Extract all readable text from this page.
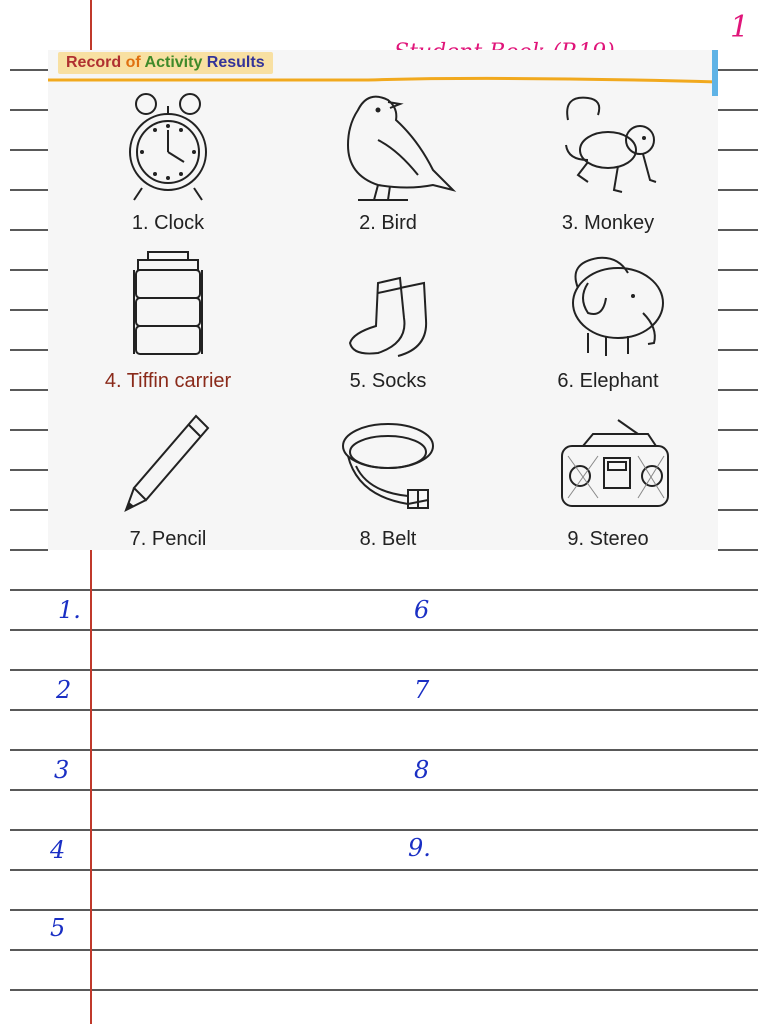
1
Record of Activity Results
1. Clock	2. Bird	3. Monkey
4. Tiffin carrier	5. Socks	6. Elephant
7. Pencil	8. Belt	9. Stereo
1.
2
3
4
5
6
7
8
9.
